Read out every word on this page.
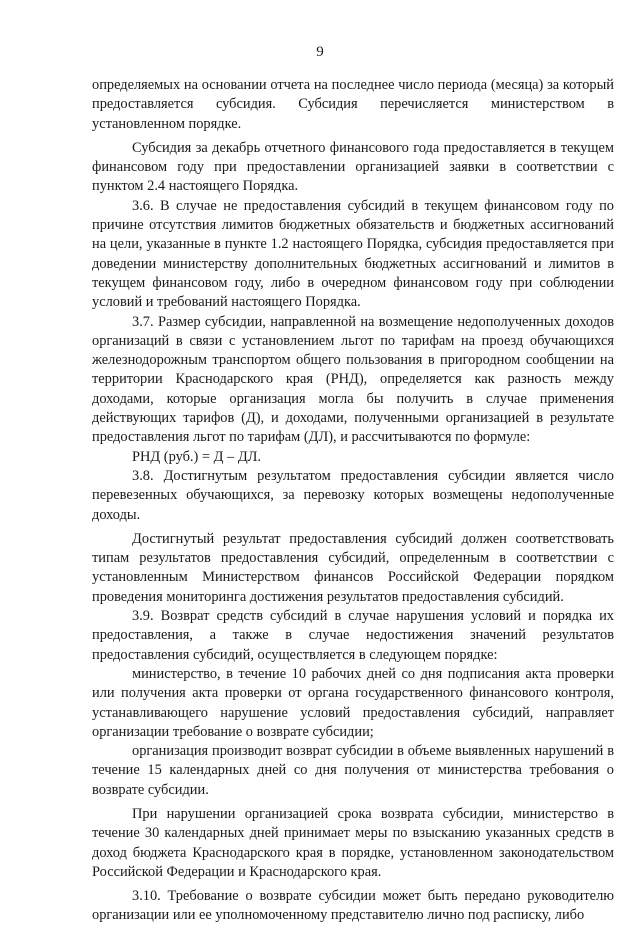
9

определяемых на основании отчета на последнее число периода (месяца) за который предоставляется субсидия. Субсидия перечисляется министерством в установленном порядке.

Субсидия за декабрь отчетного финансового года предоставляется в текущем финансовом году при предоставлении организацией заявки в соответствии с пунктом 2.4 настоящего Порядка.

3.6. В случае не предоставления субсидий в текущем финансовом году по причине отсутствия лимитов бюджетных обязательств и бюджетных ассигнований на цели, указанные в пункте 1.2 настоящего Порядка, субсидия предоставляется при доведении министерству дополнительных бюджетных ассигнований и лимитов в текущем финансовом году, либо в очередном финансовом году при соблюдении условий и требований настоящего Порядка.

3.7. Размер субсидии, направленной на возмещение недополученных доходов организаций в связи с установлением льгот по тарифам на проезд обучающихся железнодорожным транспортом общего пользования в пригородном сообщении на территории Краснодарского края (РНД), определяется как разность между доходами, которые организация могла бы получить в случае применения действующих тарифов (Д), и доходами, полученными организацией в результате предоставления льгот по тарифам (ДЛ), и рассчитываются по формуле:

РНД (руб.) = Д – ДЛ.

3.8. Достигнутым результатом предоставления субсидии является число перевезенных обучающихся, за перевозку которых возмещены недополученные доходы.

Достигнутый результат предоставления субсидий должен соответствовать типам результатов предоставления субсидий, определенным в соответствии с установленным Министерством финансов Российской Федерации порядком проведения мониторинга достижения результатов предоставления субсидий.

3.9. Возврат средств субсидий в случае нарушения условий и порядка их предоставления, а также в случае недостижения значений результатов предоставления субсидий, осуществляется в следующем порядке:

министерство, в течение 10 рабочих дней со дня подписания акта проверки или получения акта проверки от органа государственного финансового контроля, устанавливающего нарушение условий предоставления субсидий, направляет организации требование о возврате субсидии;

организация производит возврат субсидии в объеме выявленных нарушений в течение 15 календарных дней со дня получения от министерства требования о возврате субсидии.

При нарушении организацией срока возврата субсидии, министерство в течение 30 календарных дней принимает меры по взысканию указанных средств в доход бюджета Краснодарского края в порядке, установленном законодательством Российской Федерации и Краснодарского края.

3.10. Требование о возврате субсидии может быть передано руководителю организации или ее уполномоченному представителю лично под расписку, либо
